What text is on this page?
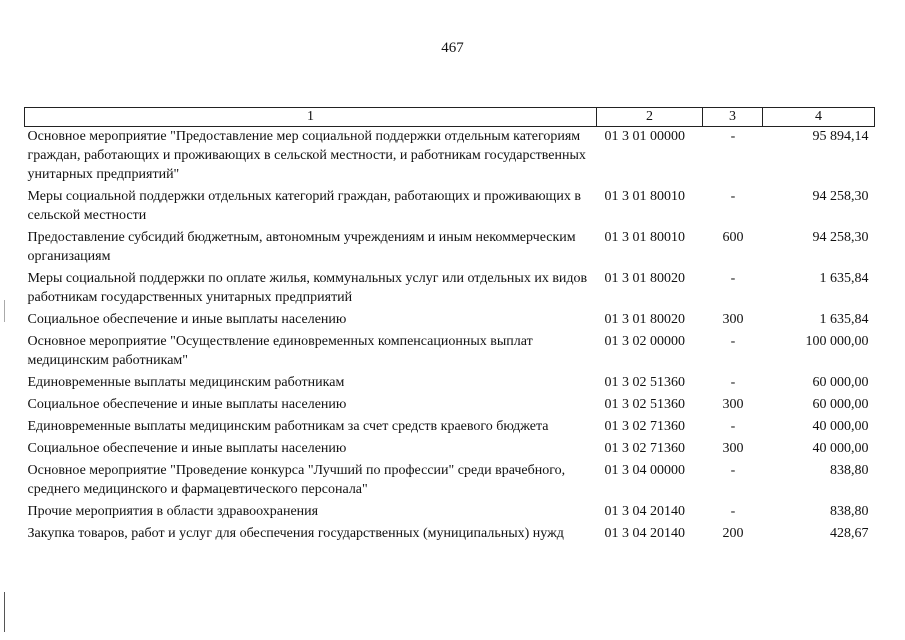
467
1	2	3	4
Основное мероприятие "Предоставление мер социальной поддержки отдельным категориям граждан, работающих и проживающих в сельской местности, и работникам государственных унитарных предприятий"	01 3 01 00000	-	95 894,14
Меры социальной поддержки отдельных категорий граждан, работающих и проживающих в сельской местности	01 3 01 80010	-	94 258,30
Предоставление субсидий бюджетным, автономным учреждениям и иным некоммерческим организациям	01 3 01 80010	600	94 258,30
Меры социальной поддержки по оплате жилья, коммунальных услуг или отдельных их видов работникам государственных унитарных предприятий	01 3 01 80020	-	1 635,84
Социальное обеспечение и иные выплаты населению	01 3 01 80020	300	1 635,84
Основное мероприятие "Осуществление единовременных компенсационных выплат медицинским работникам"	01 3 02 00000	-	100 000,00
Единовременные выплаты медицинским работникам	01 3 02 51360	-	60 000,00
Социальное обеспечение и иные выплаты населению	01 3 02 51360	300	60 000,00
Единовременные выплаты медицинским работникам за счет средств краевого бюджета	01 3 02 71360	-	40 000,00
Социальное обеспечение и иные выплаты населению	01 3 02 71360	300	40 000,00
Основное мероприятие "Проведение конкурса "Лучший по профессии" среди врачебного, среднего медицинского и фармацевтического персонала"	01 3 04 00000	-	838,80
Прочие мероприятия в области здравоохранения	01 3 04 20140	-	838,80
Закупка товаров, работ и услуг для обеспечения государственных (муниципальных) нужд	01 3 04 20140	200	428,67
